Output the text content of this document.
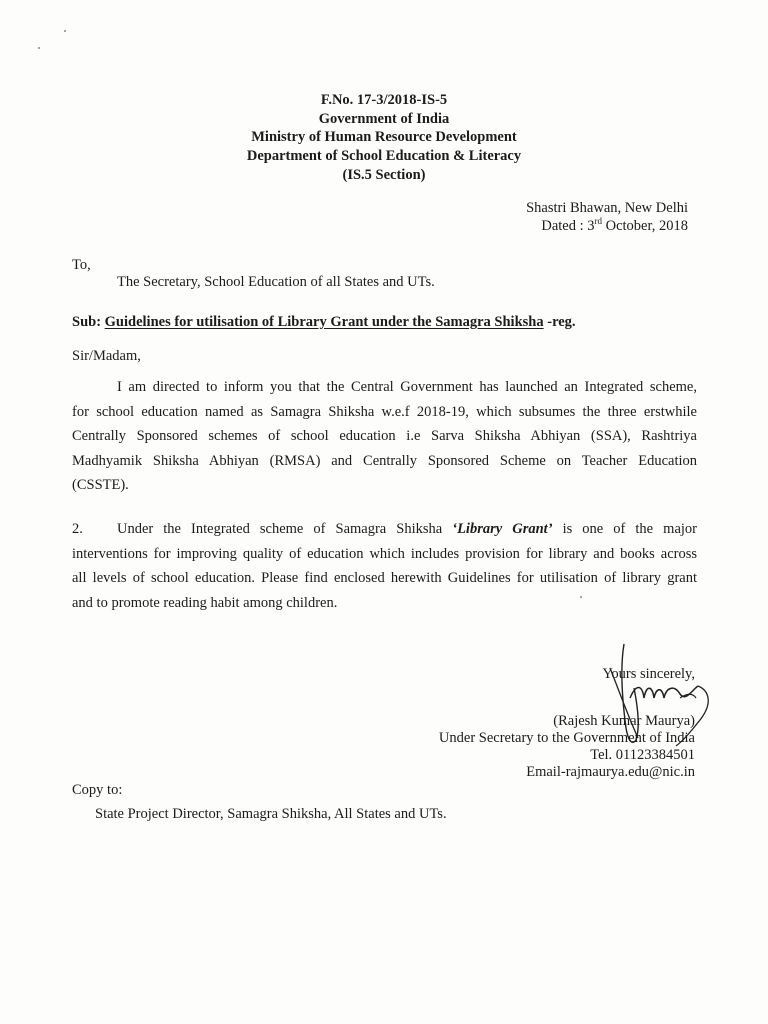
F.No. 17-3/2018-IS-5
Government of India
Ministry of Human Resource Development
Department of School Education & Literacy
(IS.5 Section)
Shastri Bhawan, New Delhi
Dated : 3rd October, 2018
To,
The Secretary, School Education of all States and UTs.
Sub: Guidelines for utilisation of Library Grant under the Samagra Shiksha -reg.
Sir/Madam,
I am directed to inform you that the Central Government has launched an Integrated scheme,
for school education named as Samagra Shiksha w.e.f 2018-19, which subsumes the three erstwhile
Centrally Sponsored schemes of school education i.e Sarva Shiksha Abhiyan (SSA), Rashtriya
Madhyamik Shiksha Abhiyan (RMSA) and Centrally Sponsored Scheme on Teacher Education
(CSSTE).
2. Under the Integrated scheme of Samagra Shiksha ‘Library Grant’ is one of the major
interventions for improving quality of education which includes provision for library and books across
all levels of school education. Please find enclosed herewith Guidelines for utilisation of library grant
and to promote reading habit among children.
Yours sincerely,
(Rajesh Kumar Maurya)
Under Secretary to the Government of India
Tel. 01123384501
Email-rajmaurya.edu@nic.in
Copy to:
State Project Director, Samagra Shiksha, All States and UTs.
